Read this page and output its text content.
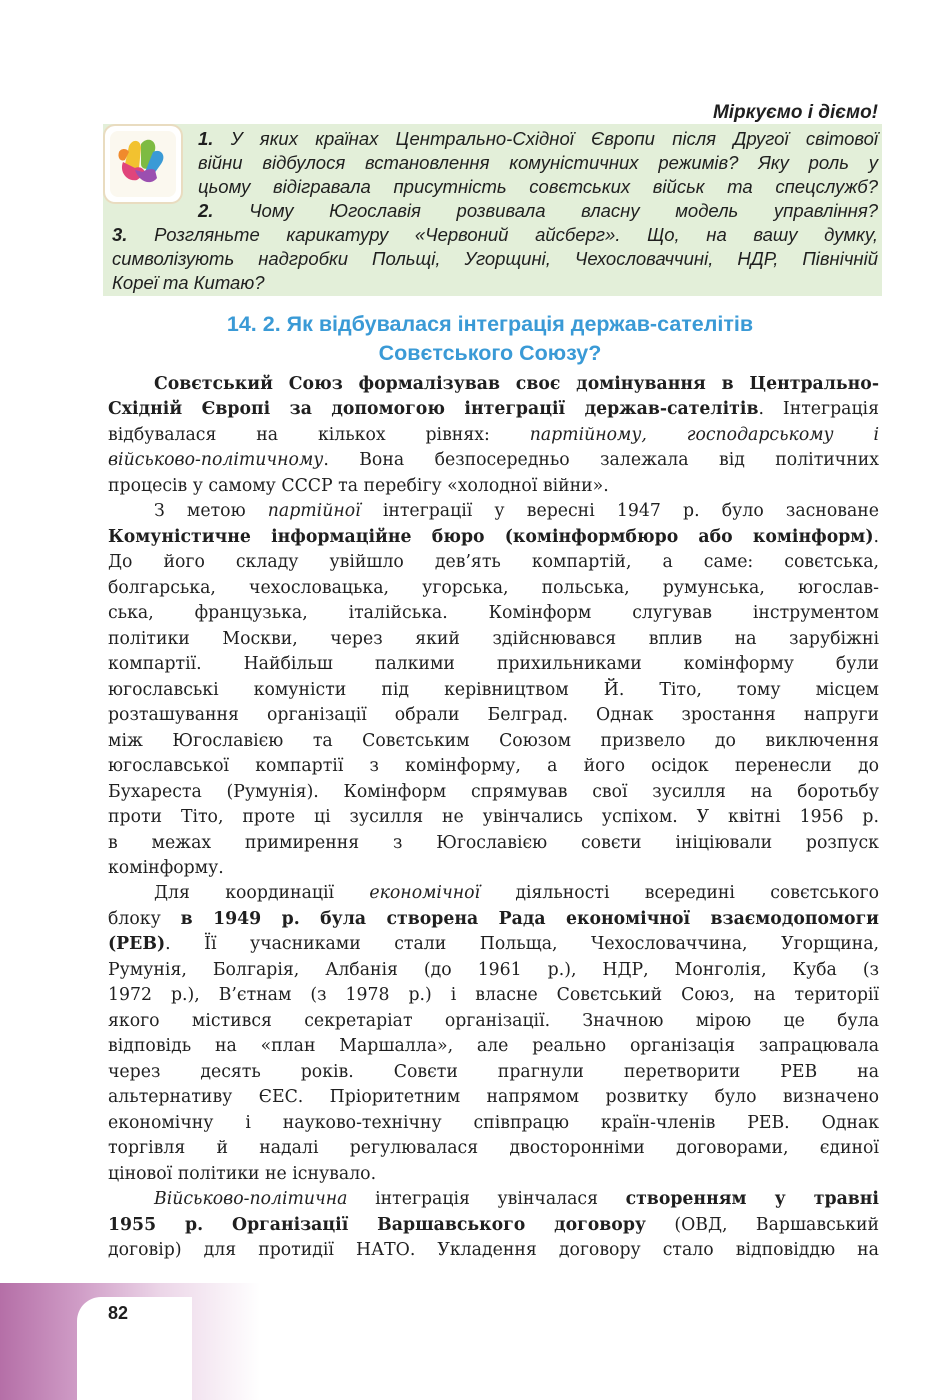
Міркуємо і діємо!
1. У яких країнах Центрально-Східної Європи після Другої світової
війни відбулося встановлення комуністичних режимів? Яку роль у
цьому відігравала присутність совєтських військ та спецслужб?
2. Чому Югославія розвивала власну модель управління?
3. Розгляньте карикатуру «Червоний айсберг». Що, на вашу думку,
символізують надгробки Польщі, Угорщині, Чехословаччині, НДР, Північній
Кореї та Китаю?
14. 2. Як відбувалася інтеграція держав-сателітів
Совєтського Союзу?
Совєтський Союз формалізував своє домінування в Центрально-
Східній Європі за допомогою інтеграції держав-сателітів. Інтеграція
відбувалася на кількох рівнях: партійному, господарському і
військово-політичному. Вона безпосередньо залежала від політичних
процесів у самому СССР та перебігу «холодної війни».
З метою партійної інтеграції у вересні 1947 р. було засноване
Комуністичне інформаційне бюро (комінформбюро або комінформ).
До його складу увійшло дев’ять компартій, а саме: совєтська,
болгарська, чехословацька, угорська, польська, румунська, югослав-
ська, французька, італійська. Комінформ слугував інструментом
політики Москви, через який здійснювався вплив на зарубіжні
компартії. Найбільш палкими прихильниками комінформу були
югославські комуністи під керівництвом Й. Тіто, тому місцем
розташування організації обрали Белград. Однак зростання напруги
між Югославією та Совєтським Союзом призвело до виключення
югославської компартії з комінформу, а його осідок перенесли до
Бухареста (Румунія). Комінформ спрямував свої зусилля на боротьбу
проти Тіто, проте ці зусилля не увінчались успіхом. У квітні 1956 р.
в межах примирення з Югославією совєти ініціювали розпуск
комінформу.
Для координації економічної діяльності всередині совєтського
блоку в 1949 р. була створена Рада економічної взаємодопомоги
(РЕВ). Її учасниками стали Польща, Чехословаччина, Угорщина,
Румунія, Болгарія, Албанія (до 1961 р.), НДР, Монголія, Куба (з
1972 р.), В’єтнам (з 1978 р.) і власне Совєтський Союз, на території
якого містився секретаріат організації. Значною мірою це була
відповідь на «план Маршалла», але реально організація запрацювала
через десять років. Совєти прагнули перетворити РЕВ на
альтернативу ЄЕС. Пріоритетним напрямом розвитку було визначено
економічну і науково-технічну співпрацю країн-членів РЕВ. Однак
торгівля й надалі регулювалася двосторонніми договорами, єдиної
цінової політики не існувало.
Військово-політична інтеграція увінчалася створенням у травні
1955 р. Організації Варшавського договору (ОВД, Варшавський
договір) для протидії НАТО. Укладення договору стало відповіддю на
82
